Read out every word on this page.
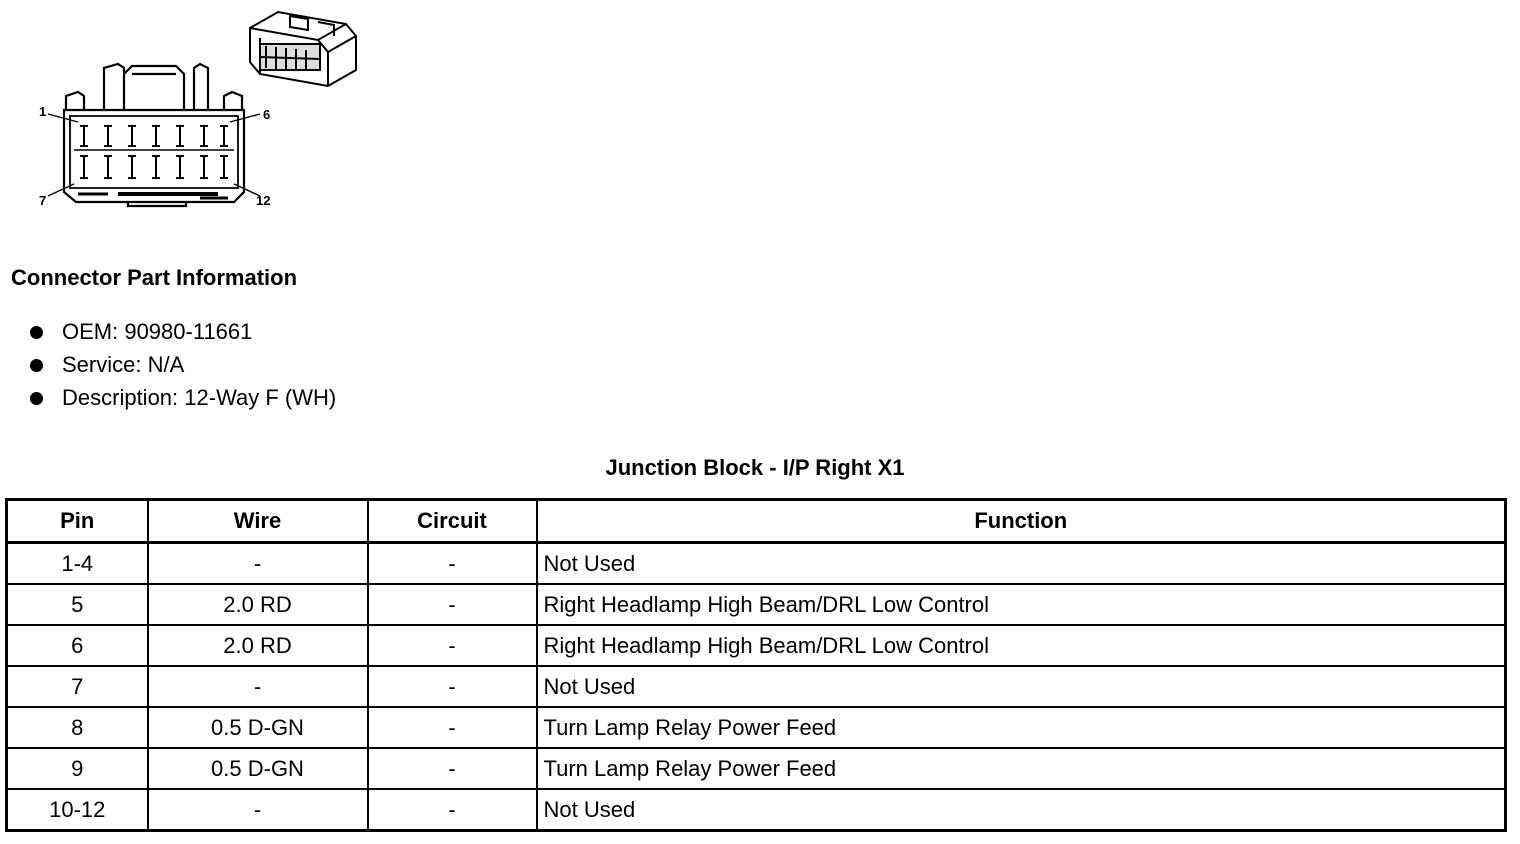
1	6
7	12
Connector Part Information
OEM: 90980-11661
Service: N/A
Description: 12-Way F (WH)
Junction Block - I/P Right X1
Pin	Wire	Circuit	Function
1-4	-	-	Not Used
5	2.0 RD	-	Right Headlamp High Beam/DRL Low Control
6	2.0 RD	-	Right Headlamp High Beam/DRL Low Control
7	-	-	Not Used
8	0.5 D-GN	-	Turn Lamp Relay Power Feed
9	0.5 D-GN	-	Turn Lamp Relay Power Feed
10-12	-	-	Not Used
